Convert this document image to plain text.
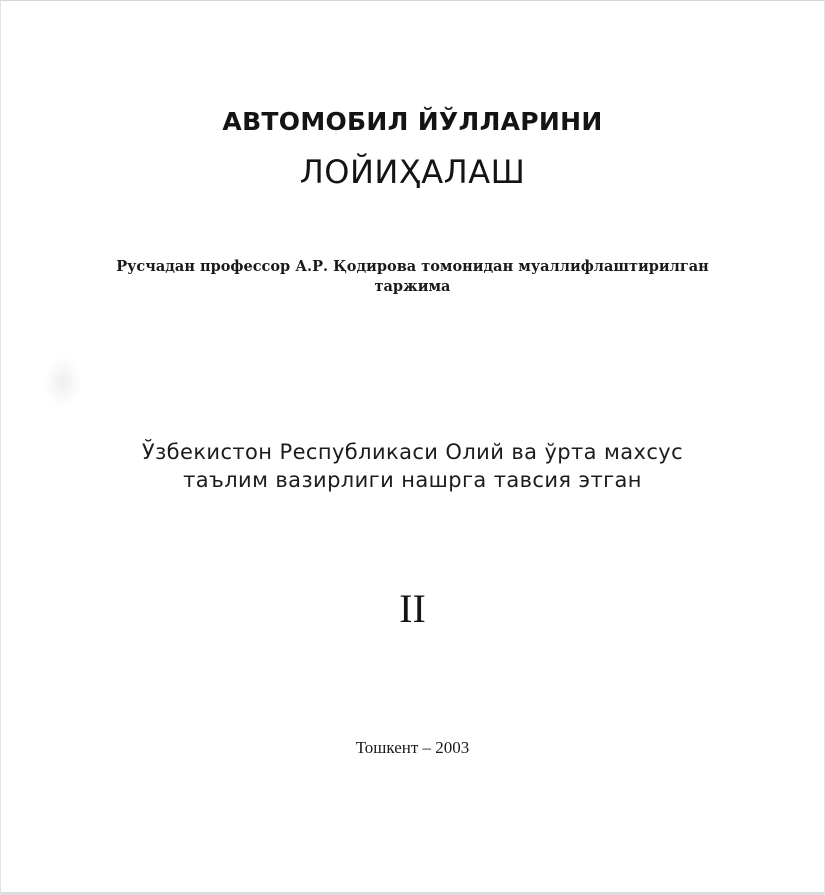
АВТОМОБИЛ ЙЎЛЛАРИНИ
ЛОЙИҲАЛАШ
Русчадан профессор А.Р. Қодирова томонидан муаллифлаштирилган
таржима
Ўзбекистон Республикаси Олий ва ўрта махсус
таълим вазирлиги нашрга тавсия этган
II
Тошкент – 2003
